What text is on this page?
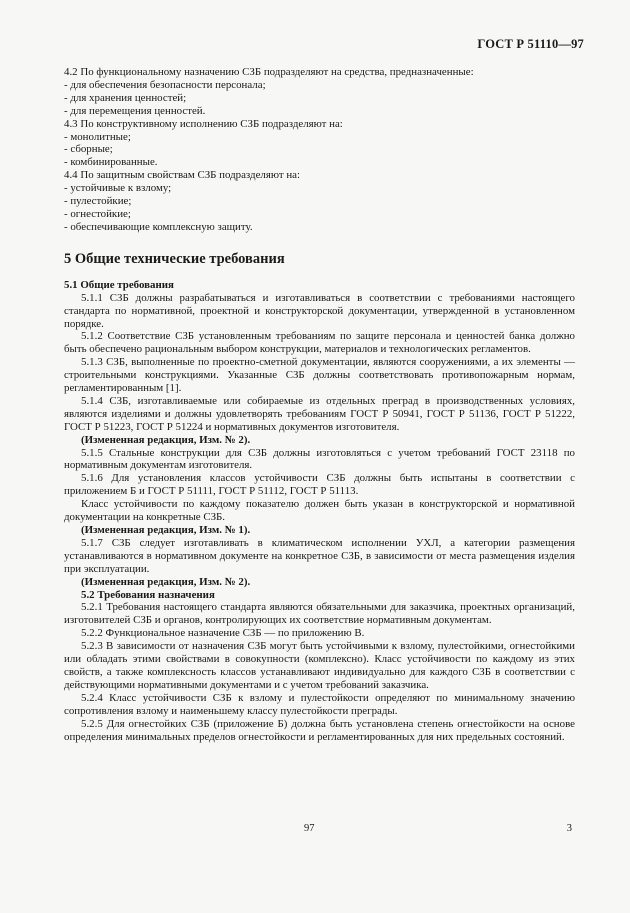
ГОСТ Р 51110—97

4.2 По функциональному назначению СЗБ подразделяют на средства, предназначенные:

- для обеспечения безопасности персонала;

- для хранения ценностей;

- для перемещения ценностей.

4.3 По конструктивному исполнению СЗБ подразделяют на:

- монолитные;

- сборные;

- комбинированные.

4.4 По защитным свойствам СЗБ подразделяют на:

- устойчивые к взлому;

- пулестойкие;

- огнестойкие;

- обеспечивающие комплексную защиту.

5 Общие технические требования

5.1 Общие требования

5.1.1 СЗБ должны разрабатываться и изготавливаться в соответствии с требованиями настоящего стандарта по нормативной, проектной и конструкторской документации, утвержденной в установленном порядке.

5.1.2 Соответствие СЗБ установленным требованиям по защите персонала и ценностей банка должно быть обеспечено рациональным выбором конструкции, материалов и технологических регламентов.

5.1.3 СЗБ, выполненные по проектно-сметной документации, являются сооружениями, а их элементы — строительными конструкциями. Указанные СЗБ должны соответствовать противопожарным нормам, регламентированным [1].

5.1.4 СЗБ, изготавливаемые или собираемые из отдельных преград в производственных условиях, являются изделиями и должны удовлетворять требованиям ГОСТ Р 50941, ГОСТ Р 51136, ГОСТ Р 51222, ГОСТ Р 51223, ГОСТ Р 51224 и нормативных документов изготовителя.

(Измененная редакция, Изм. № 2).

5.1.5 Стальные конструкции для СЗБ должны изготовляться с учетом требований ГОСТ 23118 по нормативным документам изготовителя.

5.1.6 Для установления классов устойчивости СЗБ должны быть испытаны в соответствии с приложением Б и ГОСТ Р 51111, ГОСТ Р 51112, ГОСТ Р 51113.

Класс устойчивости по каждому показателю должен быть указан в конструкторской и нормативной документации на конкретные СЗБ.

(Измененная редакция, Изм. № 1).

5.1.7 СЗБ следует изготавливать в климатическом исполнении УХЛ, а категории размещения устанавливаются в нормативном документе на конкретное СЗБ, в зависимости от места размещения изделия при эксплуатации.

(Измененная редакция, Изм. № 2).

5.2 Требования назначения

5.2.1 Требования настоящего стандарта являются обязательными для заказчика, проектных организаций, изготовителей СЗБ и органов, контролирующих их соответствие нормативным документам.

5.2.2 Функциональное назначение СЗБ — по приложению В.

5.2.3 В зависимости от назначения СЗБ могут быть устойчивыми к взлому, пулестойкими, огнестойкими или обладать этими свойствами в совокупности (комплексно). Класс устойчивости по каждому из этих свойств, а также комплексность классов устанавливают индивидуально для каждого СЗБ в соответствии с действующими нормативными документами и с учетом требований заказчика.

5.2.4 Класс устойчивости СЗБ к взлому и пулестойкости определяют по минимальному значению сопротивления взлому и наименьшему классу пулестойкости преграды.

5.2.5 Для огнестойких СЗБ (приложение Б) должна быть установлена степень огнестойкости на основе определения минимальных пределов огнестойкости и регламентированных для них предельных состояний.

97	3
